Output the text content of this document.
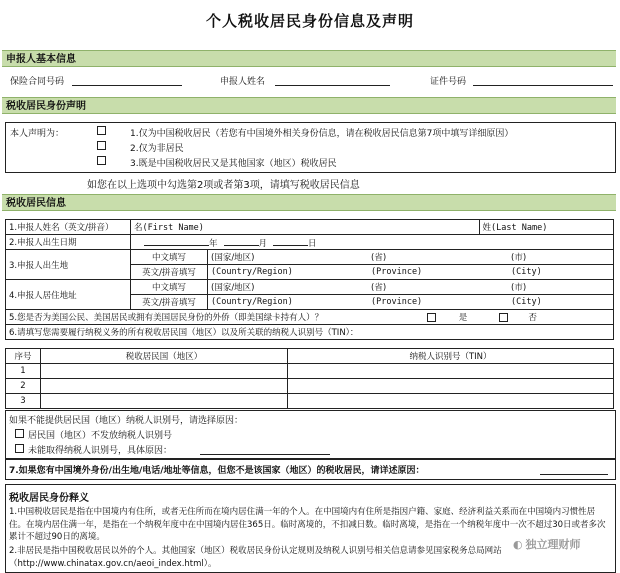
个人税收居民身份信息及声明
申报人基本信息
保险合同号码	申报人姓名	证件号码
税收居民身份声明
本人声明为：	1.仅为中国税收居民（若您有中国境外相关身份信息，请在税收居民信息第7项中填写详细原因）
2.仅为非居民
3.既是中国税收居民又是其他国家（地区）税收居民
如您在以上选项中勾选第2项或者第3项，请填写税收居民信息
税收居民信息
1.申报人姓名（英文/拼音）	名(First Name)		姓(Last Name)
2.申报人出生日期	年 月 日		
3.申报人出生地	中文填写	(国家/地区) (省) (市)	
	英文/拼音填写	(Country/Region) (Province) (City)	
4.申报人居住地址	中文填写	(国家/地区) (省) (市)	
	英文/拼音填写	(Country/Region) (Province) (City)	
5.您是否为美国公民、美国居民或拥有美国居民身份的外侨（即美国绿卡持有人）？ 是 否			
6.请填写您需要履行纳税义务的所有税收居民国（地区）以及所关联的纳税人识别号（TIN）：			
序号	税收居民国（地区）	纳税人识别号（TIN）
1		
2		
3		
如果不能提供居民国（地区）纳税人识别号，请选择原因：
居民国（地区）不发放纳税人识别号
未能取得纳税人识别号，具体原因：
7.如果您有中国境外身份/出生地/电话/地址等信息，但您不是该国家（地区）的税收居民，请详述原因：
税收居民身份释义
1.中国税收居民是指在中国境内有住所，或者无住所而在境内居住满一年的个人。在中国境内有住所是指因户籍、家庭、经济利益关系而在中国境内习惯性居住。在境内居住满一年，是指在一个纳税年度中在中国境内居住365日。临时离境的，不扣减日数。临时离境，是指在一个纳税年度中一次不超过30日或者多次累计不超过90日的离境。
2.非居民是指中国税收居民以外的个人。其他国家（地区）税收居民身份认定规则及纳税人识别号相关信息请参见国家税务总局网站（http://www.chinatax.gov.cn/aeoi_index.html）。
◐ 独立理财师
